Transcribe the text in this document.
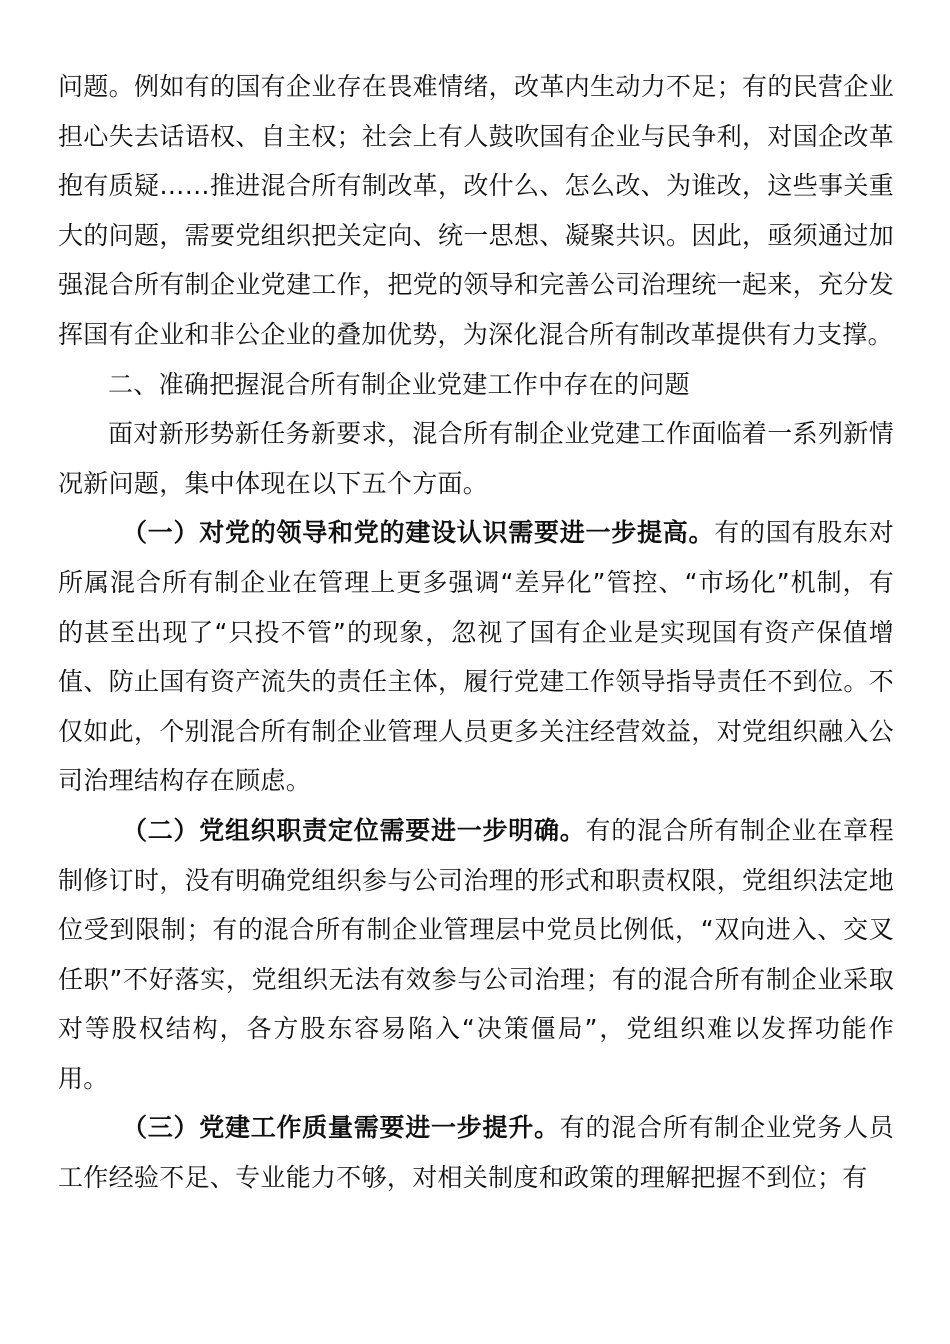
问题。例如有的国有企业存在畏难情绪，改革内生动力不足；有的民营企业担心失去话语权、自主权；社会上有人鼓吹国有企业与民争利，对国企改革抱有质疑……推进混合所有制改革，改什么、怎么改、为谁改，这些事关重大的问题，需要党组织把关定向、统一思想、凝聚共识。因此，亟须通过加强混合所有制企业党建工作，把党的领导和完善公司治理统一起来，充分发挥国有企业和非公企业的叠加优势，为深化混合所有制改革提供有力支撑。

二、准确把握混合所有制企业党建工作中存在的问题

面对新形势新任务新要求，混合所有制企业党建工作面临着一系列新情况新问题，集中体现在以下五个方面。

（一）对党的领导和党的建设认识需要进一步提高。有的国有股东对所属混合所有制企业在管理上更多强调“差异化”管控、“市场化”机制，有的甚至出现了“只投不管”的现象，忽视了国有企业是实现国有资产保值增值、防止国有资产流失的责任主体，履行党建工作领导指导责任不到位。不仅如此，个别混合所有制企业管理人员更多关注经营效益，对党组织融入公司治理结构存在顾虑。

（二）党组织职责定位需要进一步明确。有的混合所有制企业在章程制修订时，没有明确党组织参与公司治理的形式和职责权限，党组织法定地位受到限制；有的混合所有制企业管理层中党员比例低，“双向进入、交叉任职”不好落实，党组织无法有效参与公司治理；有的混合所有制企业采取对等股权结构，各方股东容易陷入“决策僵局”，党组织难以发挥功能作用。

（三）党建工作质量需要进一步提升。有的混合所有制企业党务人员工作经验不足、专业能力不够，对相关制度和政策的理解把握不到位；有
